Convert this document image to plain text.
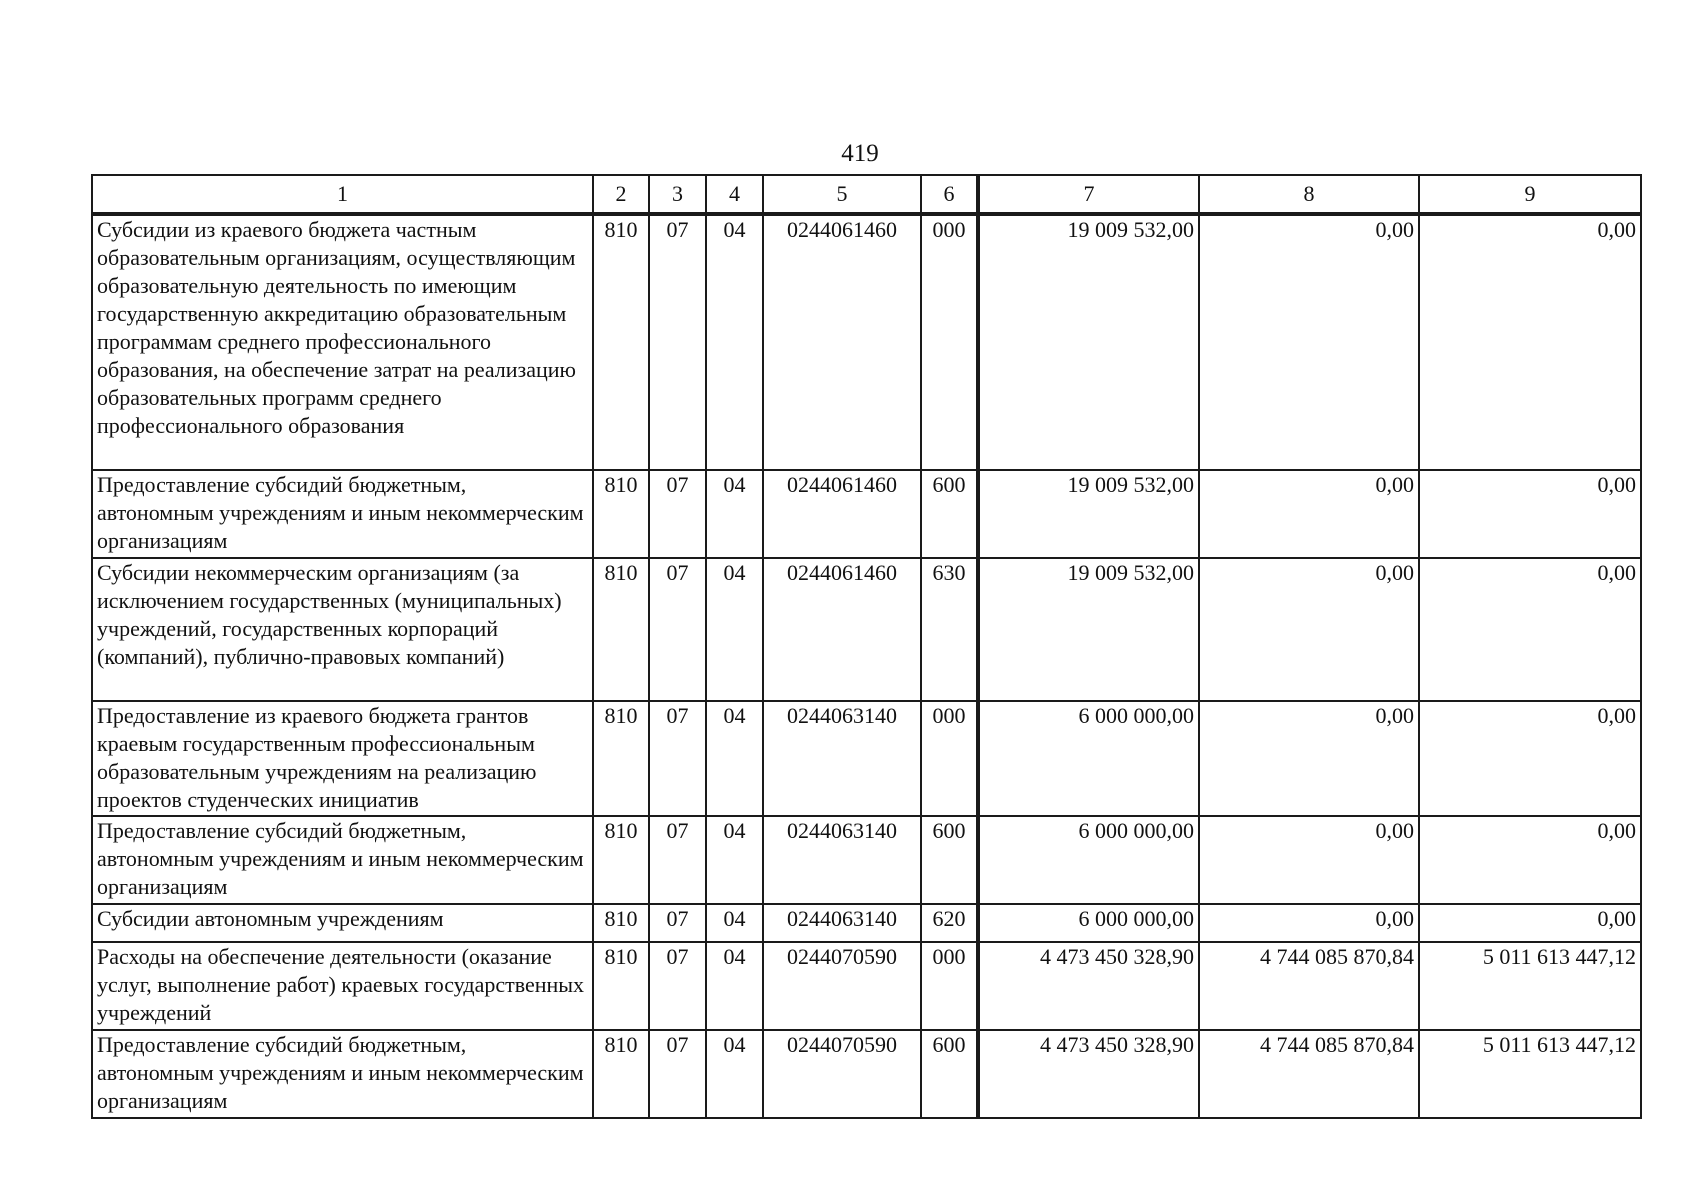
419
1	2	3	4	5	6	7	8	9
Субсидии из краевого бюджета частным образовательным организациям, осуществляющим образовательную деятельность по имеющим государственную аккредитацию образовательным программам среднего профессионального образования, на обеспечение затрат на реализацию образовательных программ среднего профессионального образования	810	07	04	0244061460	000	19 009 532,00	0,00	0,00
Предоставление субсидий бюджетным, автономным учреждениям и иным некоммерческим организациям	810	07	04	0244061460	600	19 009 532,00	0,00	0,00
Субсидии некоммерческим организациям (за исключением государственных (муниципальных) учреждений, государственных корпораций (компаний), публично-правовых компаний)	810	07	04	0244061460	630	19 009 532,00	0,00	0,00
Предоставление из краевого бюджета грантов краевым государственным профессиональным образовательным учреждениям на реализацию проектов студенческих инициатив	810	07	04	0244063140	000	6 000 000,00	0,00	0,00
Предоставление субсидий бюджетным, автономным учреждениям и иным некоммерческим организациям	810	07	04	0244063140	600	6 000 000,00	0,00	0,00
Субсидии автономным учреждениям	810	07	04	0244063140	620	6 000 000,00	0,00	0,00
Расходы на обеспечение деятельности (оказание услуг, выполнение работ) краевых государственных учреждений	810	07	04	0244070590	000	4 473 450 328,90	4 744 085 870,84	5 011 613 447,12
Предоставление субсидий бюджетным, автономным учреждениям и иным некоммерческим организациям	810	07	04	0244070590	600	4 473 450 328,90	4 744 085 870,84	5 011 613 447,12
